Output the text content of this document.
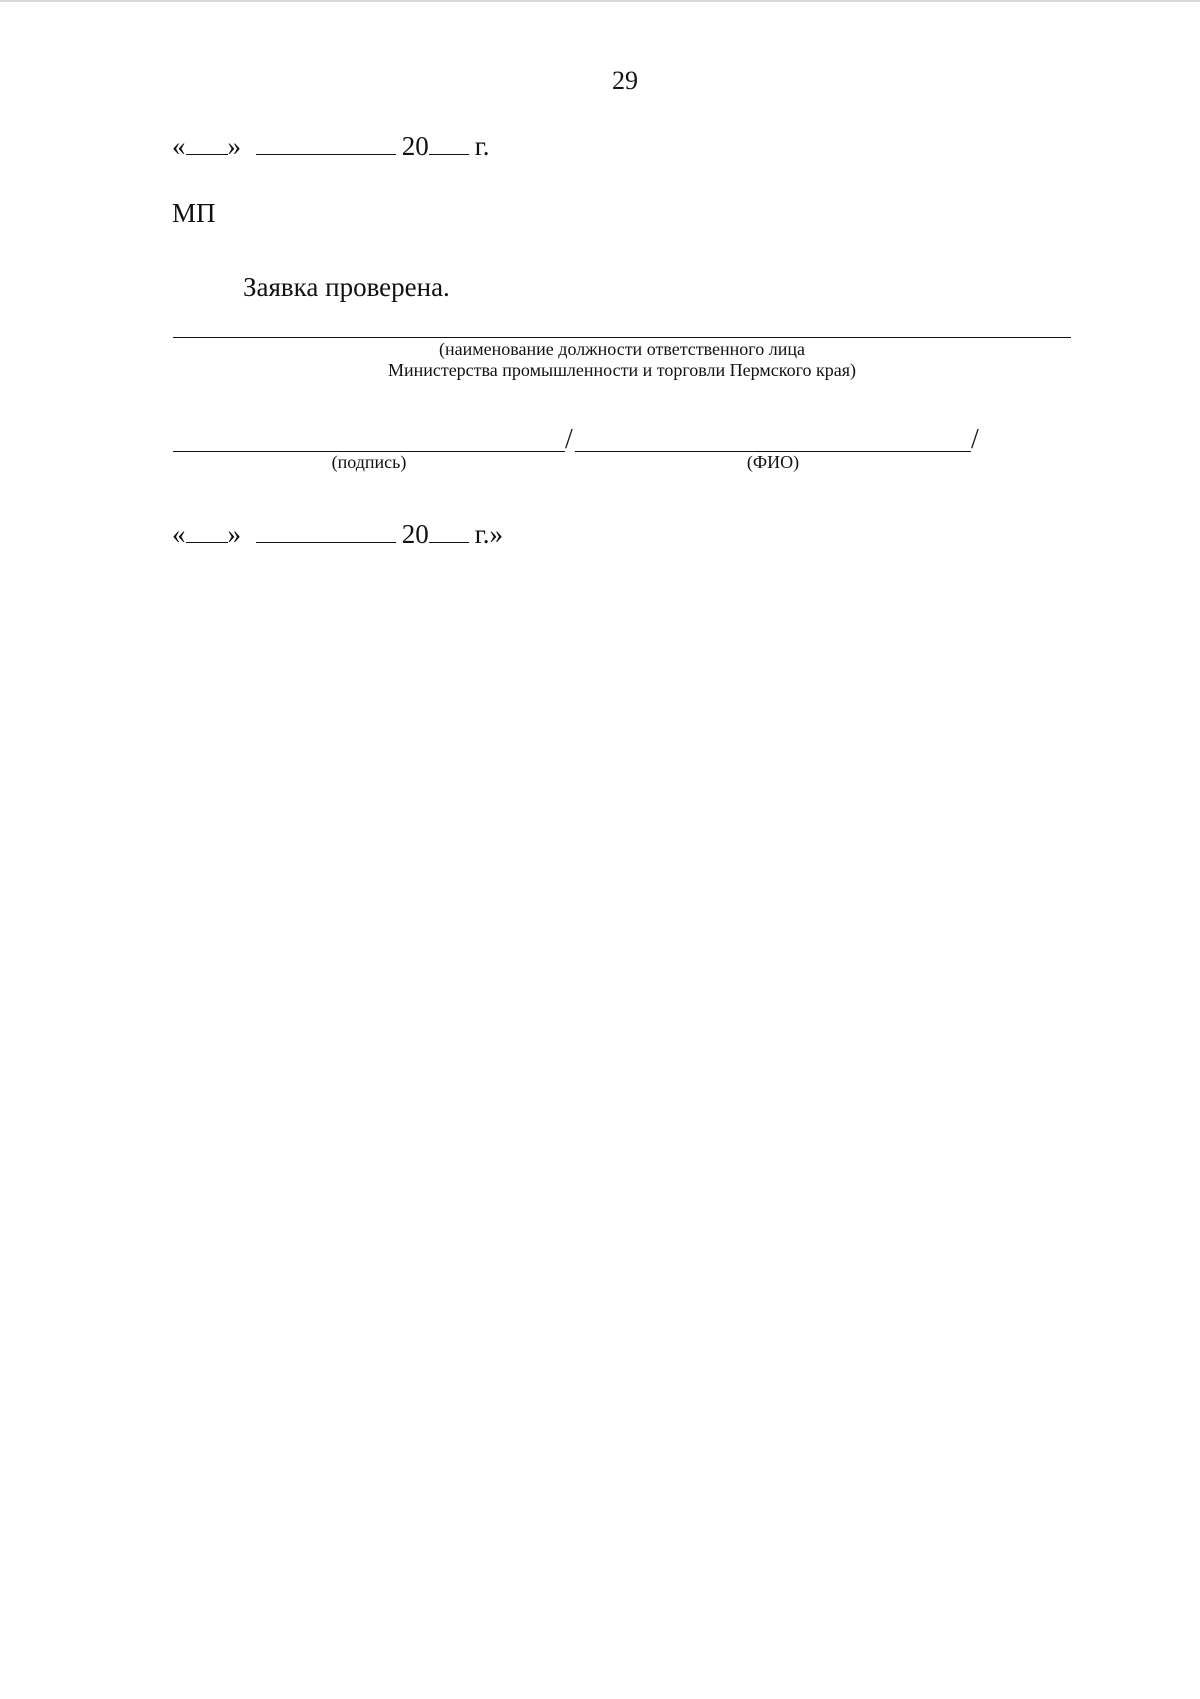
29
« »	20 г.
МП
Заявка проверена.
(наименование должности ответственного лица
Министерства промышленности и торговли Пермского края)
/	/
(подпись)	(ФИО)
« »	20 г.»
